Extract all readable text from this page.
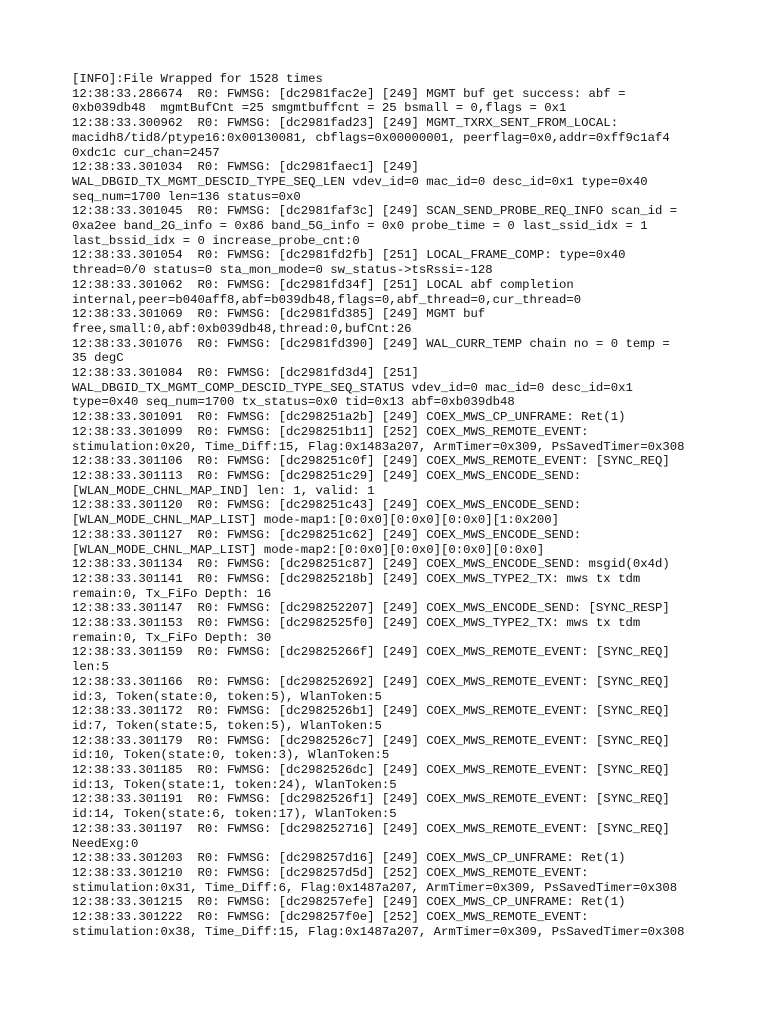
[INFO]:File Wrapped for 1528 times
12:38:33.286674  R0: FWMSG: [dc2981fac2e] [249] MGMT buf get success: abf =
0xb039db48  mgmtBufCnt =25 smgmtbuffcnt = 25 bsmall = 0,flags = 0x1
12:38:33.300962  R0: FWMSG: [dc2981fad23] [249] MGMT_TXRX_SENT_FROM_LOCAL:
macidh8/tid8/ptype16:0x00130081, cbflags=0x00000001, peerflag=0x0,addr=0xff9c1af4
0xdc1c cur_chan=2457
12:38:33.301034  R0: FWMSG: [dc2981faec1] [249]
WAL_DBGID_TX_MGMT_DESCID_TYPE_SEQ_LEN vdev_id=0 mac_id=0 desc_id=0x1 type=0x40
seq_num=1700 len=136 status=0x0
12:38:33.301045  R0: FWMSG: [dc2981faf3c] [249] SCAN_SEND_PROBE_REQ_INFO scan_id =
0xa2ee band_2G_info = 0x86 band_5G_info = 0x0 probe_time = 0 last_ssid_idx = 1
last_bssid_idx = 0 increase_probe_cnt:0
12:38:33.301054  R0: FWMSG: [dc2981fd2fb] [251] LOCAL_FRAME_COMP: type=0x40
thread=0/0 status=0 sta_mon_mode=0 sw_status->tsRssi=-128
12:38:33.301062  R0: FWMSG: [dc2981fd34f] [251] LOCAL abf completion
internal,peer=b040aff8,abf=b039db48,flags=0,abf_thread=0,cur_thread=0
12:38:33.301069  R0: FWMSG: [dc2981fd385] [249] MGMT buf
free,small:0,abf:0xb039db48,thread:0,bufCnt:26
12:38:33.301076  R0: FWMSG: [dc2981fd390] [249] WAL_CURR_TEMP chain no = 0 temp =
35 degC
12:38:33.301084  R0: FWMSG: [dc2981fd3d4] [251]
WAL_DBGID_TX_MGMT_COMP_DESCID_TYPE_SEQ_STATUS vdev_id=0 mac_id=0 desc_id=0x1
type=0x40 seq_num=1700 tx_status=0x0 tid=0x13 abf=0xb039db48
12:38:33.301091  R0: FWMSG: [dc298251a2b] [249] COEX_MWS_CP_UNFRAME: Ret(1)
12:38:33.301099  R0: FWMSG: [dc298251b11] [252] COEX_MWS_REMOTE_EVENT:
stimulation:0x20, Time_Diff:15, Flag:0x1483a207, ArmTimer=0x309, PsSavedTimer=0x308
12:38:33.301106  R0: FWMSG: [dc298251c0f] [249] COEX_MWS_REMOTE_EVENT: [SYNC_REQ]
12:38:33.301113  R0: FWMSG: [dc298251c29] [249] COEX_MWS_ENCODE_SEND:
[WLAN_MODE_CHNL_MAP_IND] len: 1, valid: 1
12:38:33.301120  R0: FWMSG: [dc298251c43] [249] COEX_MWS_ENCODE_SEND:
[WLAN_MODE_CHNL_MAP_LIST] mode-map1:[0:0x0][0:0x0][0:0x0][1:0x200]
12:38:33.301127  R0: FWMSG: [dc298251c62] [249] COEX_MWS_ENCODE_SEND:
[WLAN_MODE_CHNL_MAP_LIST] mode-map2:[0:0x0][0:0x0][0:0x0][0:0x0]
12:38:33.301134  R0: FWMSG: [dc298251c87] [249] COEX_MWS_ENCODE_SEND: msgid(0x4d)
12:38:33.301141  R0: FWMSG: [dc29825218b] [249] COEX_MWS_TYPE2_TX: mws tx tdm
remain:0, Tx_FiFo Depth: 16
12:38:33.301147  R0: FWMSG: [dc298252207] [249] COEX_MWS_ENCODE_SEND: [SYNC_RESP]
12:38:33.301153  R0: FWMSG: [dc2982525f0] [249] COEX_MWS_TYPE2_TX: mws tx tdm
remain:0, Tx_FiFo Depth: 30
12:38:33.301159  R0: FWMSG: [dc29825266f] [249] COEX_MWS_REMOTE_EVENT: [SYNC_REQ]
len:5
12:38:33.301166  R0: FWMSG: [dc298252692] [249] COEX_MWS_REMOTE_EVENT: [SYNC_REQ]
id:3, Token(state:0, token:5), WlanToken:5
12:38:33.301172  R0: FWMSG: [dc2982526b1] [249] COEX_MWS_REMOTE_EVENT: [SYNC_REQ]
id:7, Token(state:5, token:5), WlanToken:5
12:38:33.301179  R0: FWMSG: [dc2982526c7] [249] COEX_MWS_REMOTE_EVENT: [SYNC_REQ]
id:10, Token(state:0, token:3), WlanToken:5
12:38:33.301185  R0: FWMSG: [dc2982526dc] [249] COEX_MWS_REMOTE_EVENT: [SYNC_REQ]
id:13, Token(state:1, token:24), WlanToken:5
12:38:33.301191  R0: FWMSG: [dc2982526f1] [249] COEX_MWS_REMOTE_EVENT: [SYNC_REQ]
id:14, Token(state:6, token:17), WlanToken:5
12:38:33.301197  R0: FWMSG: [dc298252716] [249] COEX_MWS_REMOTE_EVENT: [SYNC_REQ]
NeedExg:0
12:38:33.301203  R0: FWMSG: [dc298257d16] [249] COEX_MWS_CP_UNFRAME: Ret(1)
12:38:33.301210  R0: FWMSG: [dc298257d5d] [252] COEX_MWS_REMOTE_EVENT:
stimulation:0x31, Time_Diff:6, Flag:0x1487a207, ArmTimer=0x309, PsSavedTimer=0x308
12:38:33.301215  R0: FWMSG: [dc298257efe] [249] COEX_MWS_CP_UNFRAME: Ret(1)
12:38:33.301222  R0: FWMSG: [dc298257f0e] [252] COEX_MWS_REMOTE_EVENT:
stimulation:0x38, Time_Diff:15, Flag:0x1487a207, ArmTimer=0x309, PsSavedTimer=0x308
